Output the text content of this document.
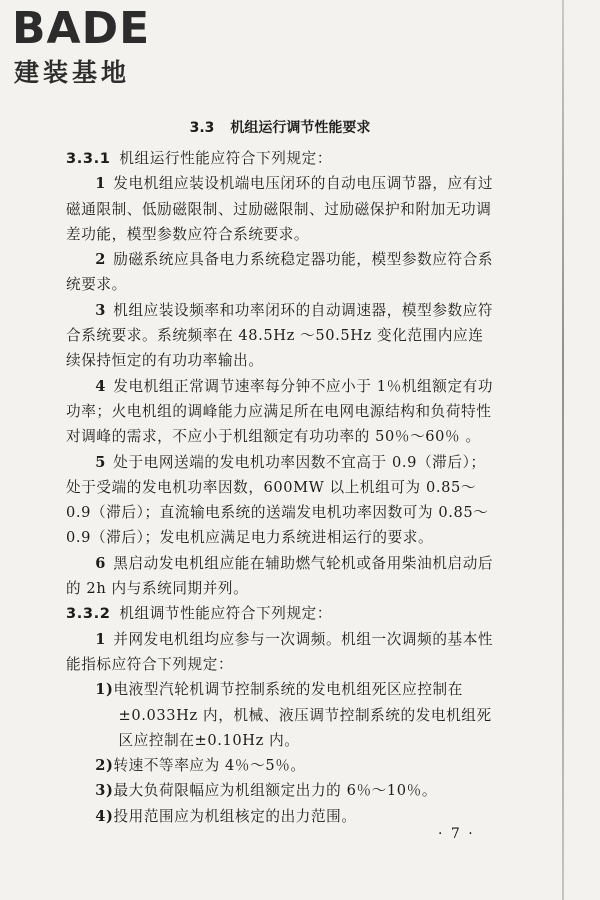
BADE
建装基地
3.3 机组运行调节性能要求

3.3.1 机组运行性能应符合下列规定：

1 发电机组应装设机端电压闭环的自动电压调节器，应有过磁通限制、低励磁限制、过励磁限制、过励磁保护和附加无功调差功能，模型参数应符合系统要求。

2 励磁系统应具备电力系统稳定器功能，模型参数应符合系统要求。

3 机组应装设频率和功率闭环的自动调速器，模型参数应符合系统要求。系统频率在 48.5Hz ～50.5Hz 变化范围内应连续保持恒定的有功功率输出。

4 发电机组正常调节速率每分钟不应小于 1％机组额定有功功率；火电机组的调峰能力应满足所在电网电源结构和负荷特性对调峰的需求，不应小于机组额定有功功率的 50％～60％ 。

5 处于电网送端的发电机功率因数不宜高于 0.9（滞后）；处于受端的发电机功率因数，600MW 以上机组可为 0.85～0.9（滞后）；直流输电系统的送端发电机功率因数可为 0.85～0.9（滞后）；发电机应满足电力系统进相运行的要求。

6 黑启动发电机组应能在辅助燃气轮机或备用柴油机启动后的 2h 内与系统同期并列。

3.3.2 机组调节性能应符合下列规定：

1 并网发电机组均应参与一次调频。机组一次调频的基本性能指标应符合下列规定：

1)电液型汽轮机调节控制系统的发电机组死区应控制在±0.033Hz 内，机械、液压调节控制系统的发电机组死区应控制在±0.10Hz 内。

2)转速不等率应为 4％～5％。

3)最大负荷限幅应为机组额定出力的 6％～10％。

4)投用范围应为机组核定的出力范围。

· 7 ·
